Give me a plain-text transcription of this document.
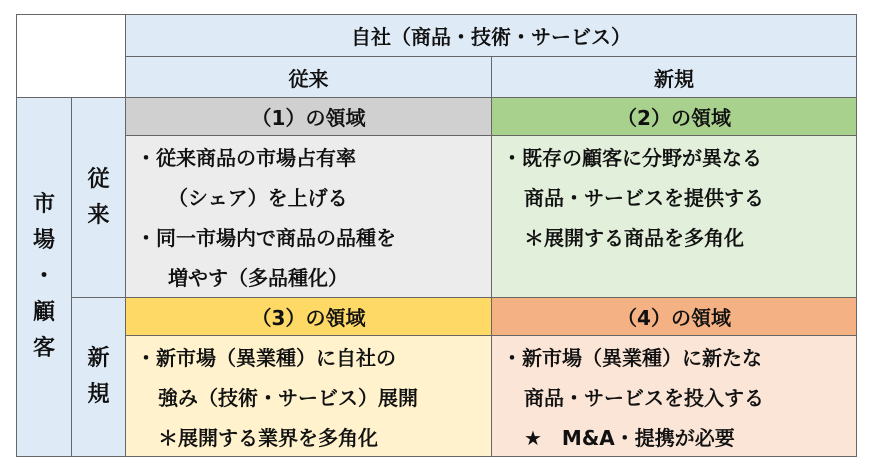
自社（商品・技術・サービス）
従来	新規
市
場
・
顧
客
従
来
新
規
（1）の領域
・従来商品の市場占有率
（シェア）を上げる
・同一市場内で商品の品種を
増やす（多品種化）
（2）の領域
・既存の顧客に分野が異なる
商品・サービスを提供する
＊展開する商品を多角化
（3）の領域
・新市場（異業種）に自社の
強み（技術・サービス）展開
＊展開する業界を多角化
（4）の領域
・新市場（異業種）に新たな
商品・サービスを投入する
★　M&A・提携が必要
